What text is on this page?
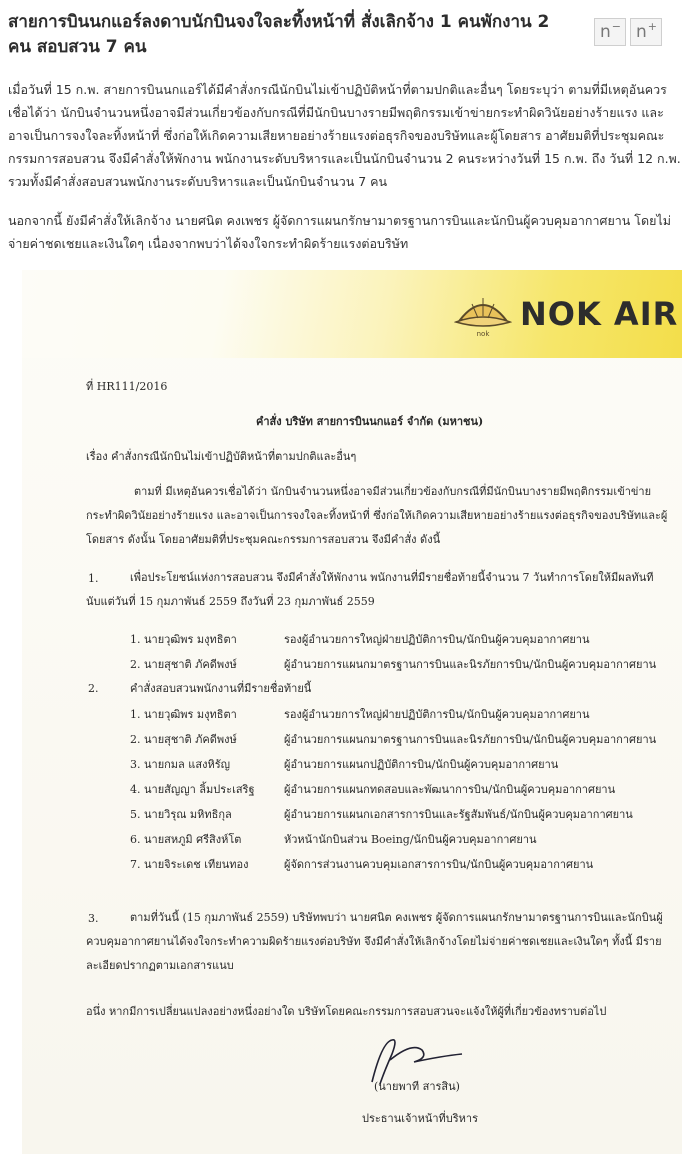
สายการบินนกแอร์ลงดาบนักบินจงใจละทิ้งหน้าที่ สั่งเลิกจ้าง 1 คนพักงาน 2 คน สอบสวน 7 คน
n − n +

เมื่อวันที่ 15 ก.พ. สายการบินนกแอร์ได้มีคำสั่งกรณีนักบินไม่เข้าปฏิบัติหน้าที่ตามปกติและอื่นๆ โดยระบุว่า ตามที่มีเหตุอันควรเชื่อได้ว่า นักบินจำนวนหนึ่งอาจมีส่วนเกี่ยวข้องกับกรณีที่มีนักบินบางรายมีพฤติกรรมเข้าข่ายกระทำผิดวินัยอย่างร้ายแรง และอาจเป็นการจงใจละทิ้งหน้าที่ ซึ่งก่อให้เกิดความเสียหายอย่างร้ายแรงต่อธุรกิจของบริษัทและผู้โดยสาร อาศัยมติที่ประชุมคณะกรรมการสอบสวน จึงมีคำสั่งให้พักงาน พนักงานระดับบริหารและเป็นนักบินจำนวน 2 คนระหว่างวันที่ 15 ก.พ. ถึง วันที่ 12 ก.พ. รวมทั้งมีคำสั่งสอบสวนพนักงานระดับบริหารและเป็นนักบินจำนวน 7 คน

นอกจากนี้ ยังมีคำสั่งให้เลิกจ้าง นายศนิต คงเพชร ผู้จัดการแผนกรักษามาตรฐานการบินและนักบินผู้ควบคุมอากาศยาน โดยไม่จ่ายค่าชดเชยและเงินใดๆ เนื่องจากพบว่าได้จงใจกระทำผิดร้ายแรงต่อบริษัท

nok
NOK AIR
ที่ HR111/2016
คำสั่ง บริษัท สายการบินนกแอร์ จำกัด (มหาชน)
เรื่อง คำสั่งกรณีนักบินไม่เข้าปฏิบัติหน้าที่ตามปกติและอื่นๆ
ตามที่ มีเหตุอันควรเชื่อได้ว่า นักบินจำนวนหนึ่งอาจมีส่วนเกี่ยวข้องกับกรณีที่มีนักบินบางรายมีพฤติกรรมเข้าข่ายกระทำผิดวินัยอย่างร้ายแรง และอาจเป็นการจงใจละทิ้งหน้าที่ ซึ่งก่อให้เกิดความเสียหายอย่างร้ายแรงต่อธุรกิจของบริษัทและผู้โดยสาร ดังนั้น โดยอาศัยมติที่ประชุมคณะกรรมการสอบสวน จึงมีคำสั่ง ดังนี้
1.	เพื่อประโยชน์แห่งการสอบสวน จึงมีคำสั่งให้พักงาน พนักงานที่มีรายชื่อท้ายนี้จำนวน 7 วันทำการโดยให้มีผลทันที นับแต่วันที่ 15 กุมภาพันธ์ 2559 ถึงวันที่ 23 กุมภาพันธ์ 2559
1. นายวุฒิพร มงุทธิตา	รองผู้อำนวยการใหญ่ฝ่ายปฏิบัติการบิน/นักบินผู้ควบคุมอากาศยาน
2. นายสุชาติ ภัคดีพงษ์	ผู้อำนวยการแผนกมาตรฐานการบินและนิรภัยการบิน/นักบินผู้ควบคุมอากาศยาน
2.	คำสั่งสอบสวนพนักงานที่มีรายชื่อท้ายนี้
1. นายวุฒิพร มงุทธิตา	รองผู้อำนวยการใหญ่ฝ่ายปฏิบัติการบิน/นักบินผู้ควบคุมอากาศยาน
2. นายสุชาติ ภัคดีพงษ์	ผู้อำนวยการแผนกมาตรฐานการบินและนิรภัยการบิน/นักบินผู้ควบคุมอากาศยาน
3. นายกมล แสงหิรัญ	ผู้อำนวยการแผนกปฏิบัติการบิน/นักบินผู้ควบคุมอากาศยาน
4. นายสัญญา ลิ้มประเสริฐ	ผู้อำนวยการแผนกทดสอบและพัฒนาการบิน/นักบินผู้ควบคุมอากาศยาน
5. นายวิรุณ มหิทธิกุล	ผู้อำนวยการแผนกเอกสารการบินและรัฐสัมพันธ์/นักบินผู้ควบคุมอากาศยาน
6. นายสหภูมิ ศรีสิงห์โต	หัวหน้านักบินส่วน Boeing/นักบินผู้ควบคุมอากาศยาน
7. นายจิระเดช เทียนทอง	ผู้จัดการส่วนงานควบคุมเอกสารการบิน/นักบินผู้ควบคุมอากาศยาน
3.	ตามที่วันนี้ (15 กุมภาพันธ์ 2559) บริษัทพบว่า นายศนิต คงเพชร ผู้จัดการแผนกรักษามาตรฐานการบินและนักบินผู้ควบคุมอากาศยานได้จงใจกระทำความผิดร้ายแรงต่อบริษัท จึงมีคำสั่งให้เลิกจ้างโดยไม่จ่ายค่าชดเชยและเงินใดๆ ทั้งนี้ มีรายละเอียดปรากฏตามเอกสารแนบ
อนึ่ง หากมีการเปลี่ยนแปลงอย่างหนึ่งอย่างใด บริษัทโดยคณะกรรมการสอบสวนจะแจ้งให้ผู้ที่เกี่ยวข้องทราบต่อไป
(นายพาที สารสิน)
ประธานเจ้าหน้าที่บริหาร
